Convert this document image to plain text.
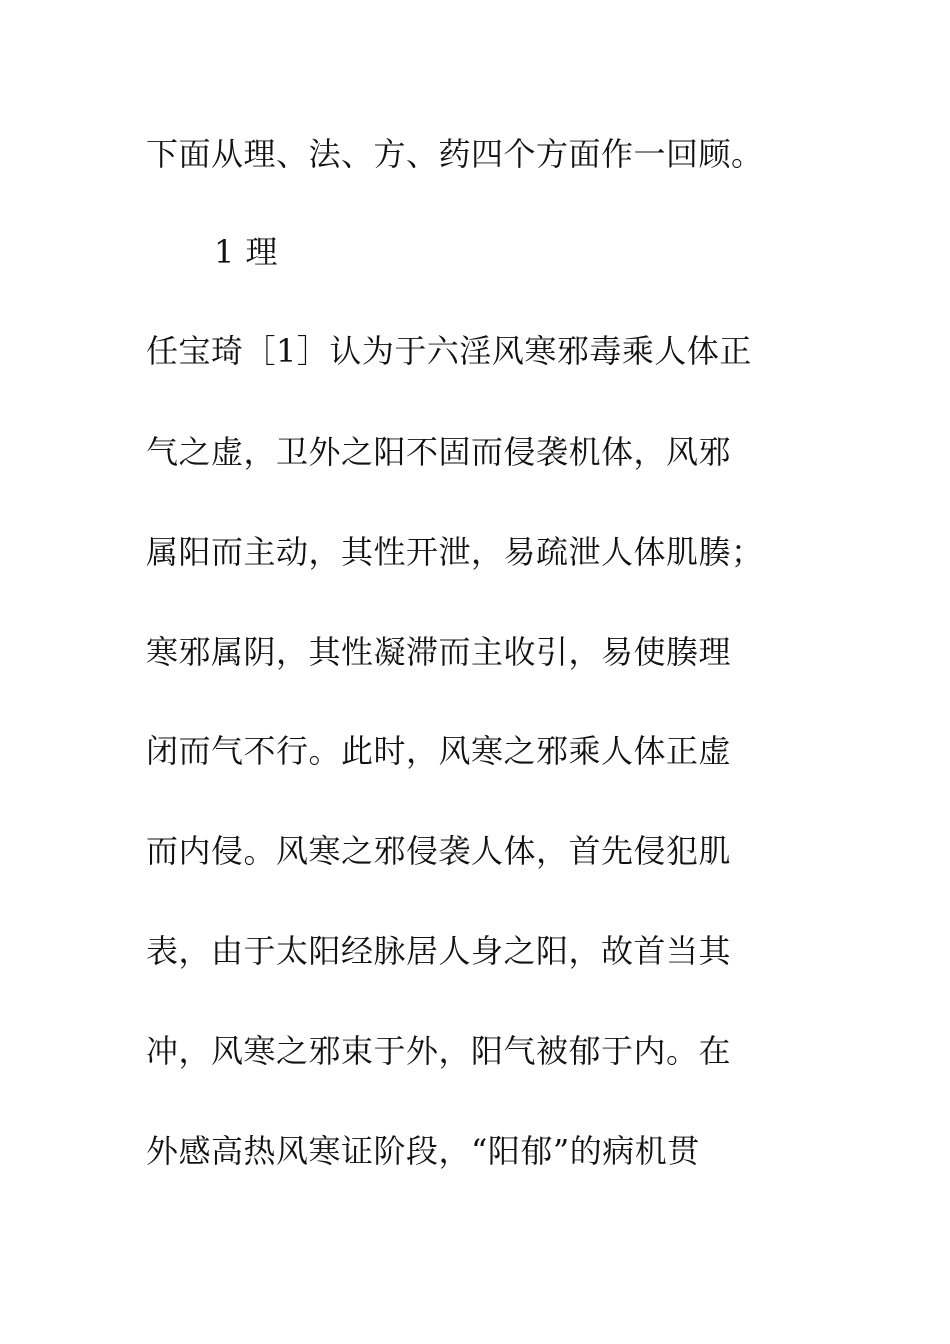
下面从理、法、方、药四个方面作一回顾。
1 理
任宝琦［1］认为于六淫风寒邪毒乘人体正
气之虚，卫外之阳不固而侵袭机体，风邪
属阳而主动，其性开泄，易疏泄人体肌腠；
寒邪属阴，其性凝滞而主收引，易使腠理
闭而气不行。此时，风寒之邪乘人体正虚
而内侵。风寒之邪侵袭人体，首先侵犯肌
表，由于太阳经脉居人身之阳，故首当其
冲，风寒之邪束于外，阳气被郁于内。在
外感高热风寒证阶段，“阳郁”的病机贯
